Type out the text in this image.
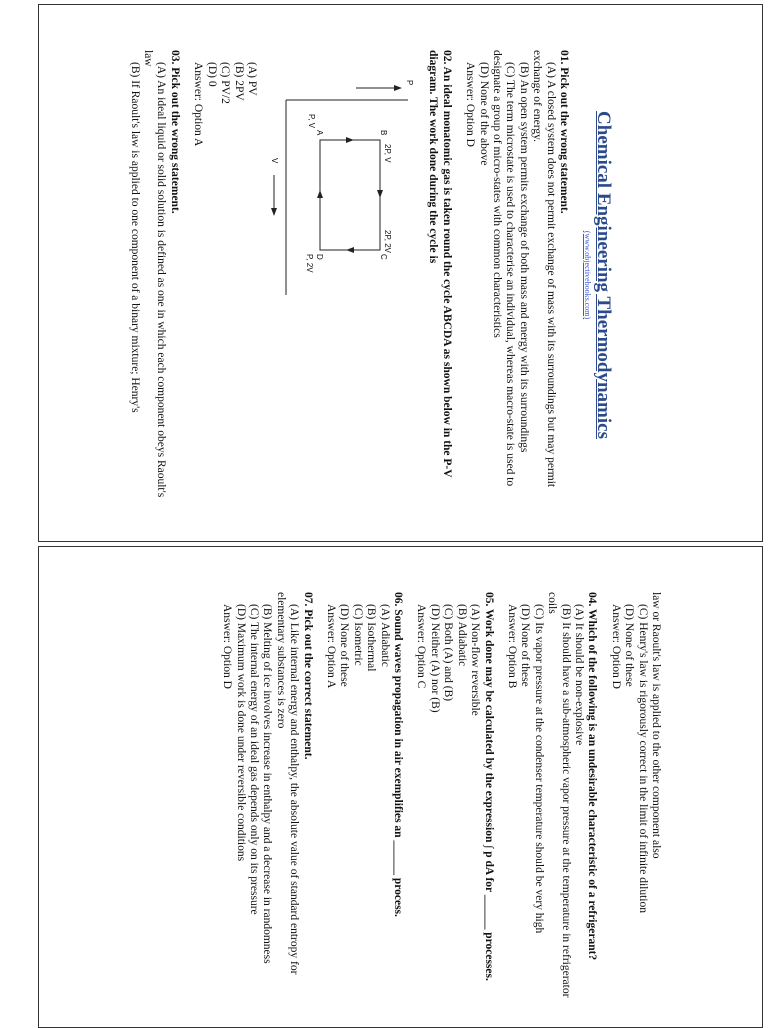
Chemical Engineering Thermodynamics
(www.objectivebooks.com)

01. Pick out the wrong statement.

(A) A closed system does not permit exchange of mass with its surroundings but may permit exchange of energy.

(B) An open system permits exchange of both mass and energy with its surroundings

(C) The term microstate is used to characterise an individual, whereas macro-state is used to designate a group of micro-states with common characteristics

(D) None of the above

Answer: Option D

02. An ideal monatomic gas is taken round the cycle ABCDA as shown below in the P-V diagram. The work done during the cycle is

P
V
B
2P, V
C
2P, 2V
A
P, V
D
P, 2V

(A) PV

(B) 2PV

(C) PV/2

(D) 0

Answer: Option A

03. Pick out the wrong statement.

(A) An ideal liquid or solid solution is defined as one in which each component obeys Raoult's law

(B) If Raoult's law is applied to one component of a binary mixture; Henry's

law or Raoult's law is applied to the other component also

(C) Henry's law is rigorously correct in the limit of infinite dilution

(D) None of these

Answer: Option D

04. Which of the following is an undesirable characteristic of a refrigerant?

(A) It should be non-explosive

(B) It should have a sub-atmospheric vapor pressure at the temperature in refrigerator coils

(C) Its vapor pressure at the condenser temperature should be very high

(D) None of these

Answer: Option B

05. Work done may be calculated by the expression ∫ p dA for ______ processes.

(A) Non-flow reversible

(B) Adiabatic

(C) Both (A) and (B)

(D) Neither (A) nor (B)

Answer: Option C

06. Sound waves propagation in air exemplifies an ______ process.

(A) Adiabatic

(B) Isothermal

(C) Isometric

(D) None of these

Answer: Option A

07. Pick out the correct statement.

(A) Like internal energy and enthalpy, the absolute value of standard entropy for elementary substances is zero

(B) Melting of ice involves increase in enthalpy and a decrease in randomness

(C) The internal energy of an ideal gas depends only on its pressure

(D) Maximum work is done under reversible conditions

Answer: Option D
